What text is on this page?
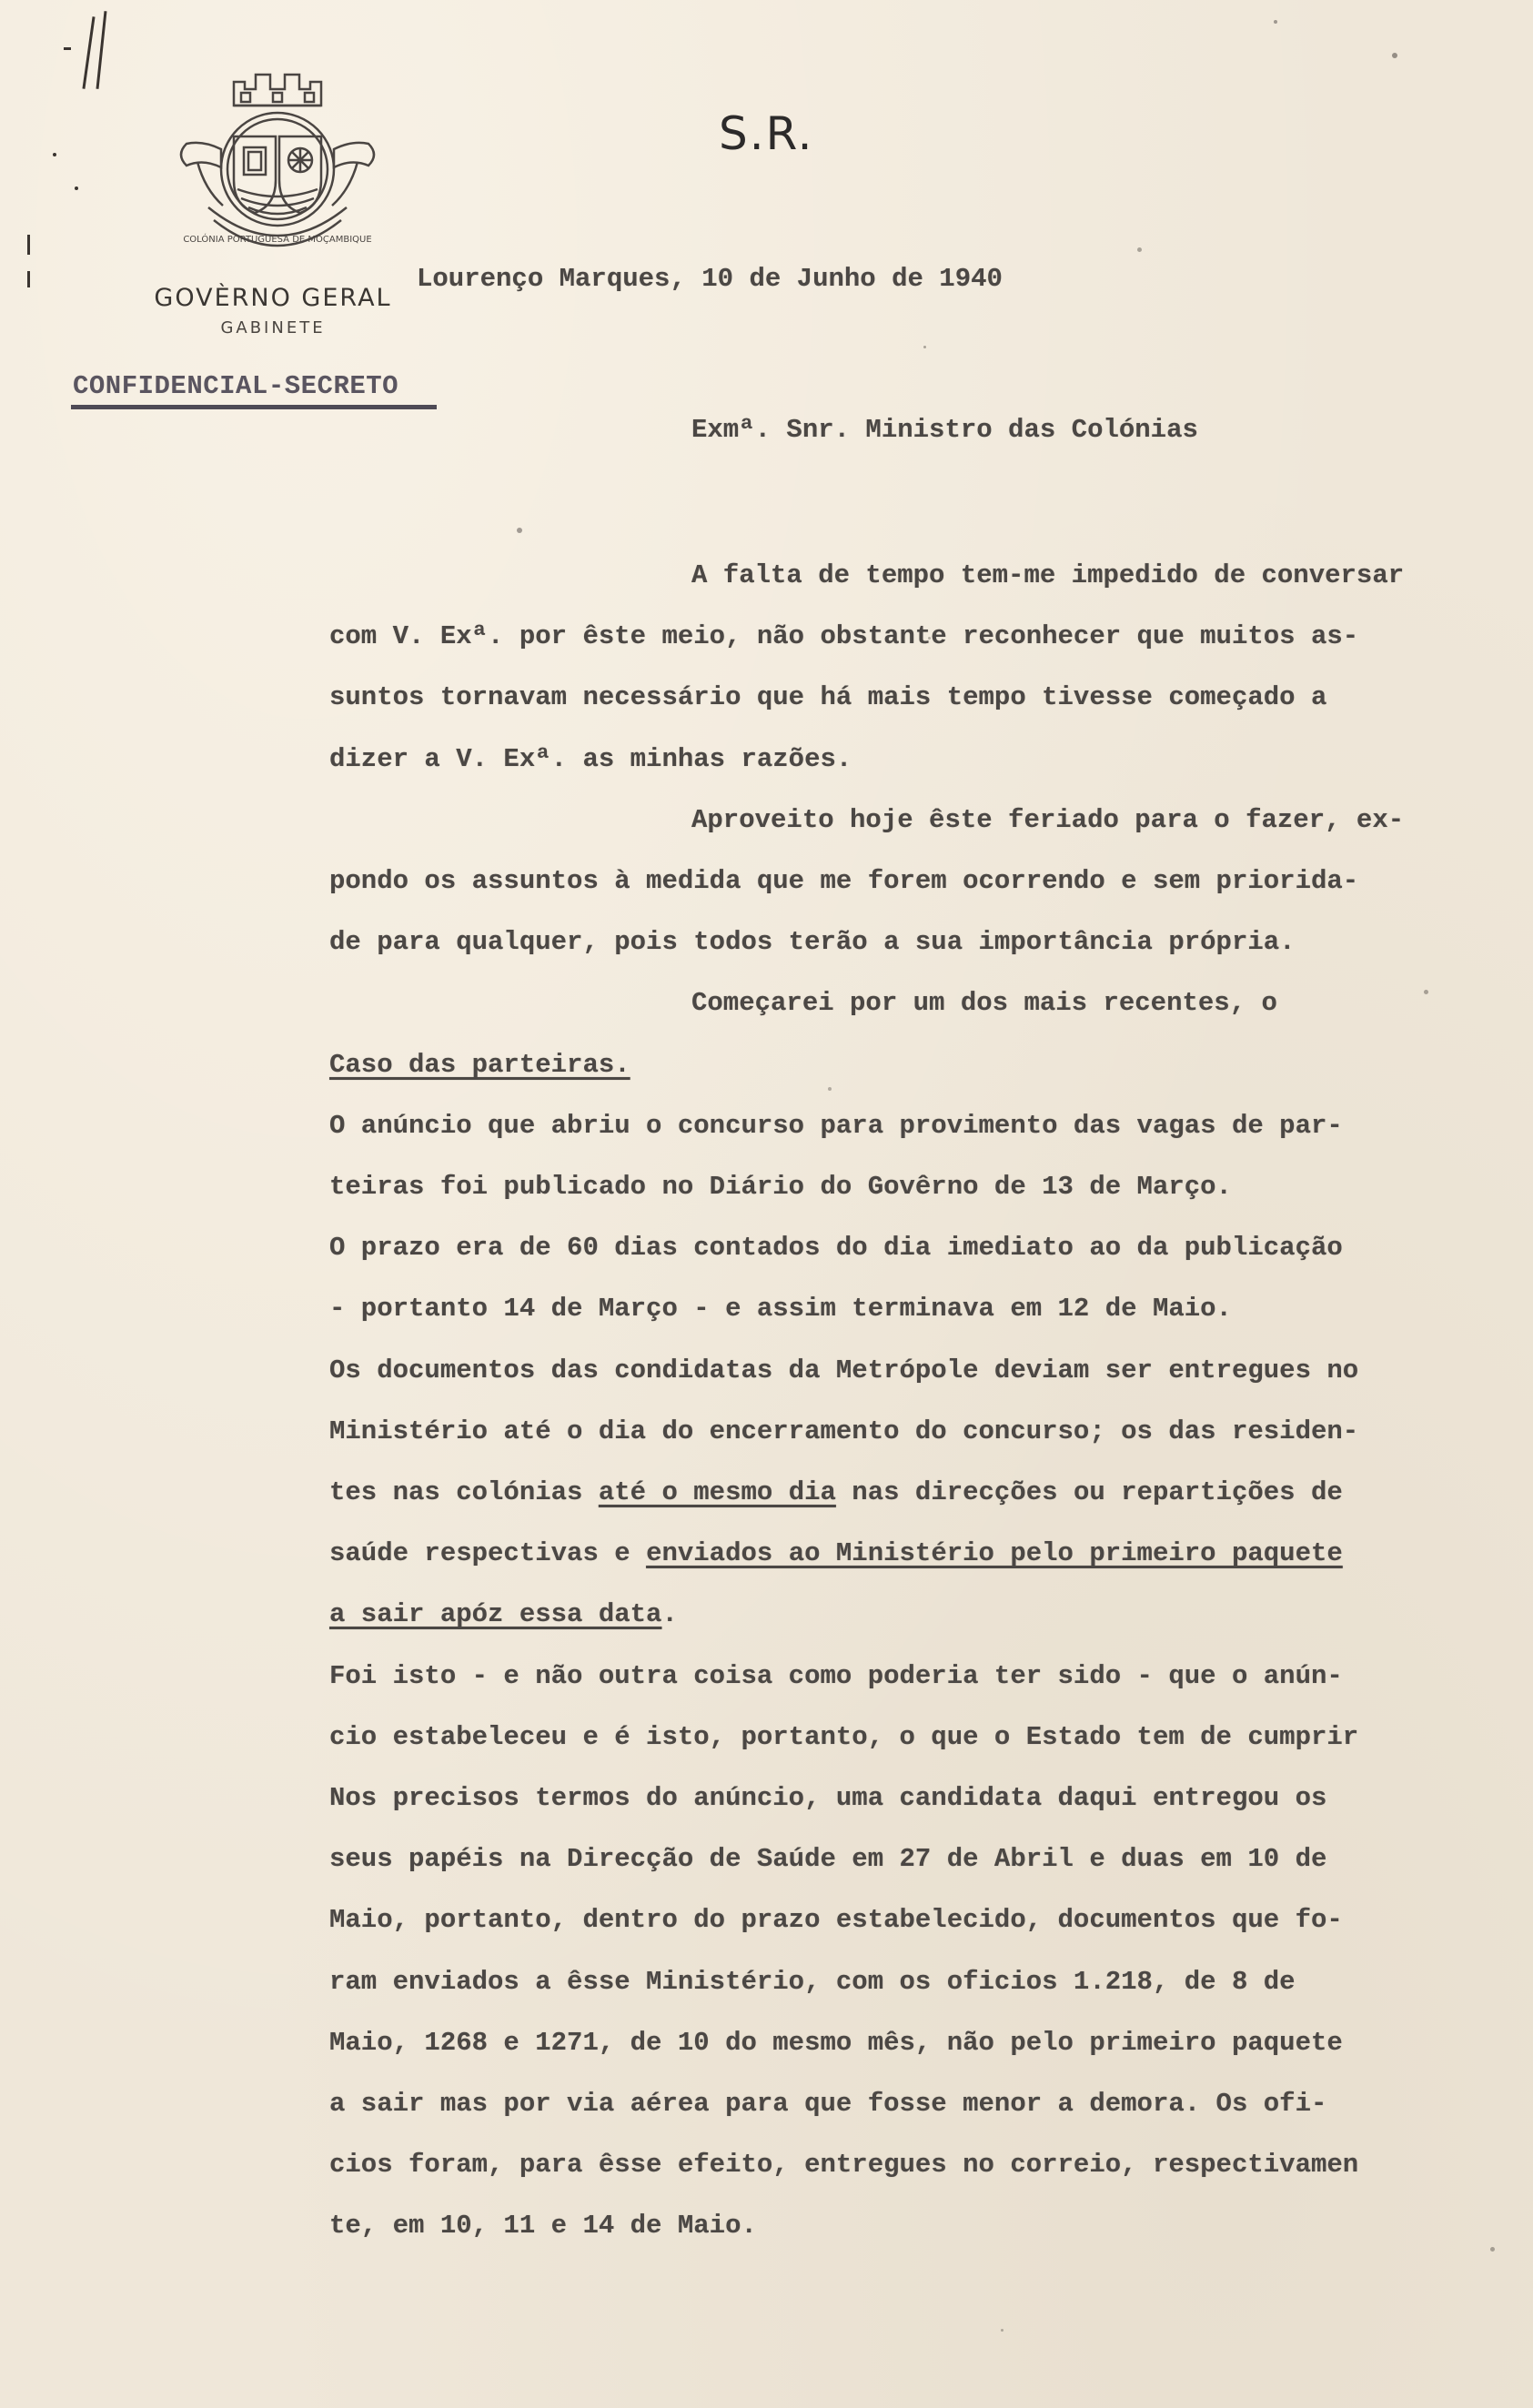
COLÓNIA PORTUGUESA DE MOÇAMBIQUE
GOVÈRNO GERAL
GABINETE
CONFIDENCIAL-SECRETO
S.R.
Lourenço Marques, 10 de Junho de 1940
Exmª. Snr. Ministro das Colónias
A falta de tempo tem-me impedido de conversar
com V. Exª. por êste meio, não obstante reconhecer que muitos as-
suntos tornavam necessário que há mais tempo tivesse começado a
dizer a V. Exª. as minhas razões.
Aproveito hoje êste feriado para o fazer, ex-
pondo os assuntos à medida que me forem ocorrendo e sem priorida-
de para qualquer, pois todos terão a sua importância própria.
Começarei por um dos mais recentes, o
Caso das parteiras.
O anúncio que abriu o concurso para provimento das vagas de par-
teiras foi publicado no Diário do Govêrno de 13 de Março.
O prazo era de 60 dias contados do dia imediato ao da publicação
- portanto 14 de Março - e assim terminava em 12 de Maio.
Os documentos das condidatas da Metrópole deviam ser entregues no
Ministério até o dia do encerramento do concurso; os das residen-
tes nas colónias até o mesmo dia nas direcções ou repartições de
saúde respectivas e enviados ao Ministério pelo primeiro paquete
a sair apóz essa data.
Foi isto - e não outra coisa como poderia ter sido - que o anún-
cio estabeleceu e é isto, portanto, o que o Estado tem de cumprir
Nos precisos termos do anúncio, uma candidata daqui entregou os
seus papéis na Direcção de Saúde em 27 de Abril e duas em 10 de
Maio, portanto, dentro do prazo estabelecido, documentos que fo-
ram enviados a êsse Ministério, com os oficios 1.218, de 8 de
Maio, 1268 e 1271, de 10 do mesmo mês, não pelo primeiro paquete
a sair mas por via aérea para que fosse menor a demora. Os ofi-
cios foram, para êsse efeito, entregues no correio, respectivamen
te, em 10, 11 e 14 de Maio.
